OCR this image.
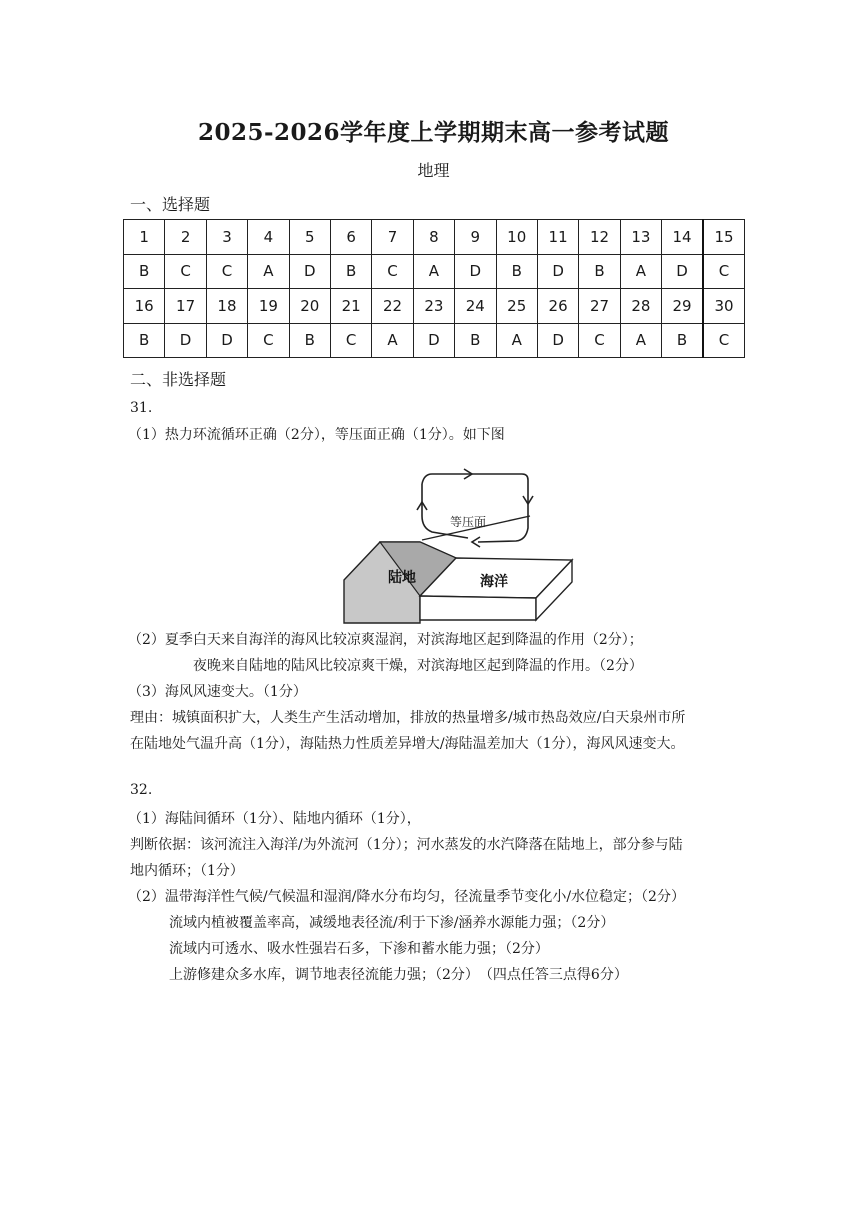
2025-2026学年度上学期期末高一参考试题
地理
一、选择题
1	2	3	4	5	6	7	8	9	10	11	12	13	14	15
B	C	C	A	D	B	C	A	D	B	D	B	A	D	C
16	17	18	19	20	21	22	23	24	25	26	27	28	29	30
B	D	D	C	B	C	A	D	B	A	D	C	A	B	C
二、非选择题
31.
（1）热力环流循环正确（2分），等压面正确（1分）。如下图
等压面
陆地	海洋
（2）夏季白天来自海洋的海风比较凉爽湿润，对滨海地区起到降温的作用（2分）；
夜晚来自陆地的陆风比较凉爽干燥，对滨海地区起到降温的作用。（2分）
（3）海风风速变大。（1分）
理由：城镇面积扩大，人类生产生活动增加，排放的热量增多/城市热岛效应/白天泉州市所
在陆地处气温升高（1分），海陆热力性质差异增大/海陆温差加大（1分），海风风速变大。
32.
（1）海陆间循环（1分）、陆地内循环（1分），
判断依据：该河流注入海洋/为外流河（1分）；河水蒸发的水汽降落在陆地上，部分参与陆
地内循环；（1分）
（2）温带海洋性气候/气候温和湿润/降水分布均匀，径流量季节变化小/水位稳定；（2分）
流域内植被覆盖率高，减缓地表径流/利于下渗/涵养水源能力强；（2分）
流域内可透水、吸水性强岩石多，下渗和蓄水能力强；（2分）
上游修建众多水库，调节地表径流能力强；（2分）　（四点任答三点得6分）
